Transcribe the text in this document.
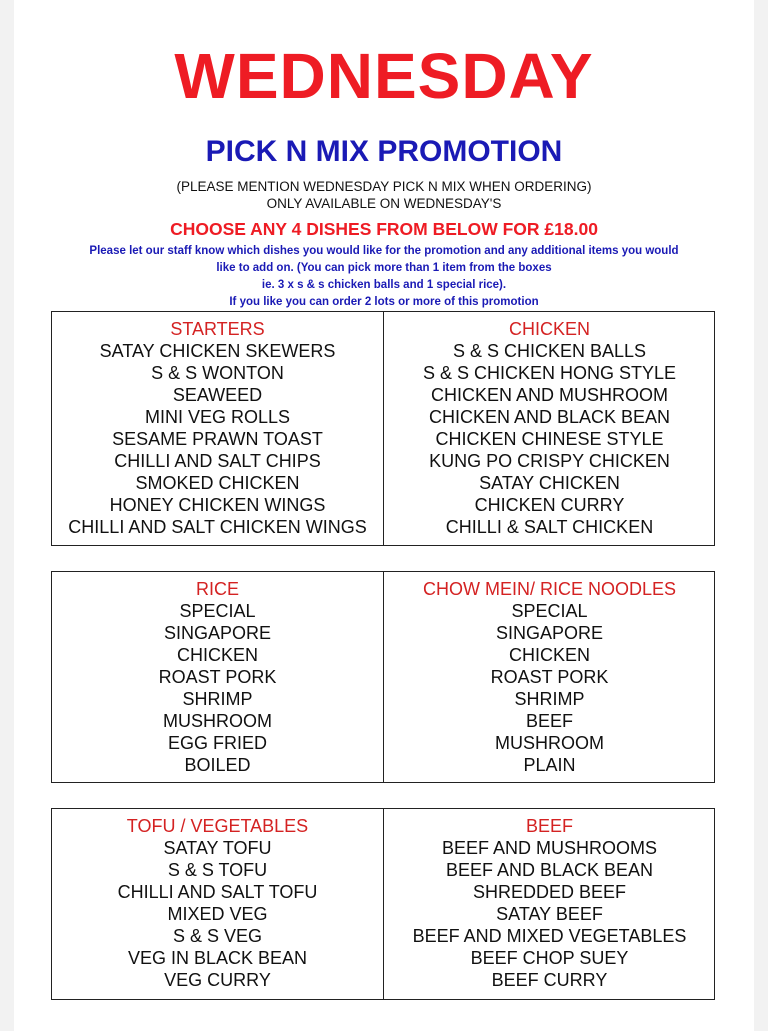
WEDNESDAY
PICK N MIX PROMOTION
(PLEASE MENTION WEDNESDAY PICK N MIX WHEN ORDERING)
ONLY AVAILABLE ON WEDNESDAY'S
CHOOSE ANY 4 DISHES FROM BELOW FOR £18.00
Please let our staff know which dishes you would like for the promotion and any additional items you would
like to add on. (You can pick more than 1 item from the boxes
ie. 3 x s & s chicken balls and 1 special rice).
If you like you can order 2 lots or more of this promotion
STARTERS
SATAY CHICKEN SKEWERS
S & S WONTON
SEAWEED
MINI VEG ROLLS
SESAME PRAWN TOAST
CHILLI AND SALT CHIPS
SMOKED CHICKEN
HONEY CHICKEN WINGS
CHILLI AND SALT CHICKEN WINGS
CHICKEN
S & S CHICKEN BALLS
S & S CHICKEN HONG STYLE
CHICKEN AND MUSHROOM
CHICKEN AND BLACK BEAN
CHICKEN CHINESE STYLE
KUNG PO CRISPY CHICKEN
SATAY CHICKEN
CHICKEN CURRY
CHILLI & SALT CHICKEN
RICE
SPECIAL
SINGAPORE
CHICKEN
ROAST PORK
SHRIMP
MUSHROOM
EGG FRIED
BOILED
CHOW MEIN/ RICE NOODLES
SPECIAL
SINGAPORE
CHICKEN
ROAST PORK
SHRIMP
BEEF
MUSHROOM
PLAIN
TOFU / VEGETABLES
SATAY TOFU
S & S TOFU
CHILLI AND SALT TOFU
MIXED VEG
S & S VEG
VEG IN BLACK BEAN
VEG CURRY
BEEF
BEEF AND MUSHROOMS
BEEF AND BLACK BEAN
SHREDDED BEEF
SATAY BEEF
BEEF AND MIXED VEGETABLES
BEEF CHOP SUEY
BEEF CURRY
